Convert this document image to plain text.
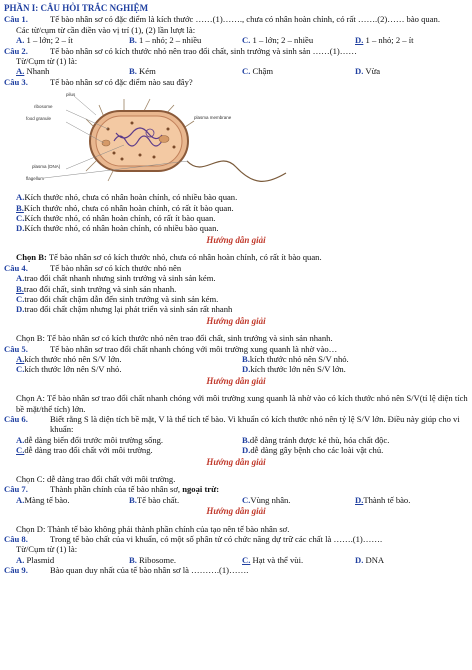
PHẦN I: CÂU HỎI TRẮC NGHIỆM
Câu 1.	Tế bào nhân sơ có đặc điểm là kích thước ……(1)……., chưa có nhân hoàn chỉnh, có rất …….(2)…… bào quan.
Các từ/cụm từ cần điền vào vị trí (1), (2) lần lượt là:
A. 1 – lớn; 2 – ít	B. 1 – nhỏ; 2 – nhiều	C. 1 – lớn; 2 – nhiều	D. 1 – nhỏ; 2 – ít
Câu 2.	Tế bào nhân sơ có kích thước nhỏ nên trao đổi chất, sinh trưởng và sinh sản ……(1)……
Từ/Cụm từ (1) là:
A. Nhanh	B. Kém	C. Chậm	D. Vừa
Câu 3.	Tế bào nhân sơ có đặc điểm nào sau đây?
pilus
ribosome
food granule
plasma (DNA)
flagellum
plasma membrane
A.Kích thước nhỏ, chưa có nhân hoàn chỉnh, có nhiều bào quan.
B.Kích thước nhỏ, chưa có nhân hoàn chỉnh, có rất ít bào quan.
C.Kích thước nhỏ, có nhân hoàn chỉnh, có rất ít bào quan.
D.Kích thước nhỏ, có nhân hoàn chỉnh, có nhiều bào quan.
Hướng dẫn giải
Chọn B: Tế bào nhân sơ có kích thước nhỏ, chưa có nhân hoàn chỉnh, có rất ít bào quan.
Câu 4.	Tế bào nhân sơ có kích thước nhỏ nên
A.trao đổi chất nhanh nhưng sinh trưởng và sinh sản kém.
B.trao đổi chất, sinh trưởng và sinh sản nhanh.
C.trao đổi chất chậm dẫn đến sinh trưởng và sinh sản kém.
D.trao đổi chất chậm nhưng lại phát triển và sinh sản rất nhanh
Hướng dẫn giải
Chọn B: Tế bào nhân sơ có kích thước nhỏ nên trao đổi chất, sinh trưởng và sinh sản nhanh.
Câu 5.	Tế bào nhân sơ trao đổi chất nhanh chóng với môi trường xung quanh là nhờ vào…
A.kích thước nhỏ nên S/V lớn.	B.kích thước nhỏ nên S/V nhỏ.
C.kích thước lớn nên S/V nhỏ.	D.kích thước lớn nên S/V lớn.
Hướng dẫn giải
Chọn A: Tế bào nhân sơ trao đổi chất nhanh chóng với môi trường xung quanh là nhờ vào có kích thước nhỏ nên S/V(tỉ lệ diện tích bề mặt/thể tích) lớn.
Câu 6.	Biết rằng S là diện tích bề mặt, V là thể tích tế bào. Vi khuẩn có kích thước nhỏ nên tỷ lệ S/V lớn. Điều này giúp cho vi khuẩn:
A.dễ dàng biến đổi trước môi trường sống.	B.dễ dàng tránh được kẻ thù, hóa chất độc.
C.dễ dàng trao đổi chất với môi trường.	D.dễ dàng gây bệnh cho các loài vật chủ.
Hướng dẫn giải
Chọn C: dễ dàng trao đổi chất với môi trường.
Câu 7.	Thành phần chính của tế bào nhân sơ, ngoại trừ:
A.Màng tế bào.	B.Tế bào chất.	C.Vùng nhân.	D.Thành tế bào.
Hướng dẫn giải
Chọn D: Thành tế bào không phải thành phần chính của tạo nên tế bào nhân sơ.
Câu 8.	Trong tế bào chất của vi khuẩn, có một số phân tử có chức năng dự trữ các chất là …….(1)…….
Từ/Cụm từ (1) là:
A. Plasmid	B. Ribosome.	C. Hạt và thể vùi.	D. DNA
Câu 9.	Bào quan duy nhất của tế bào nhân sơ là ……….(1)…….
